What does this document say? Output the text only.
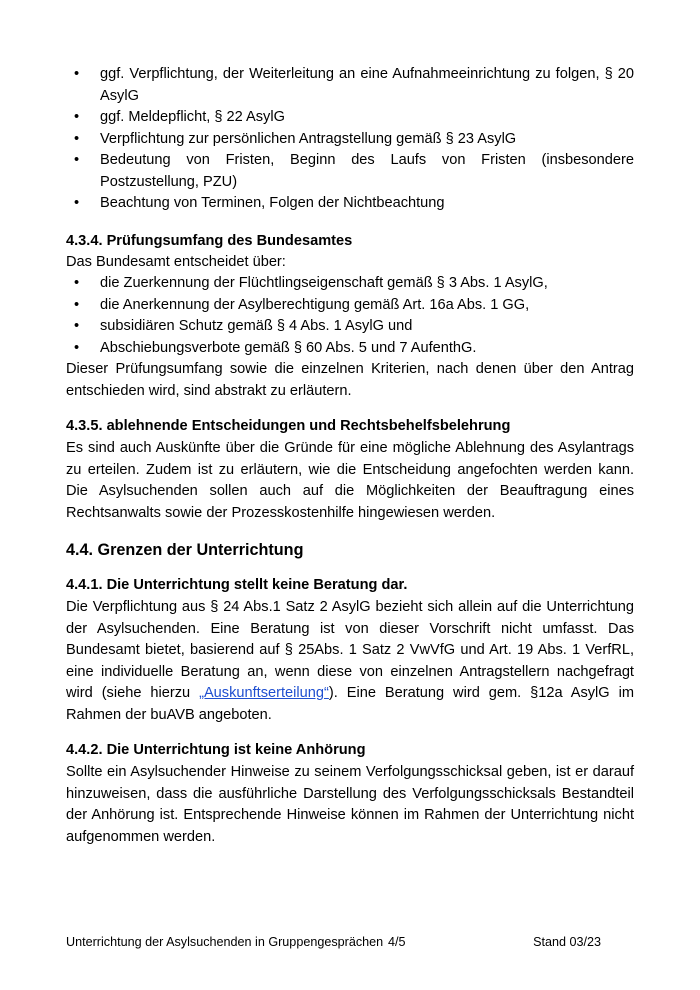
• ggf. Verpflichtung, der Weiterleitung an eine Aufnahmeeinrichtung zu folgen, § 20 AsylG
• ggf. Meldepflicht, § 22 AsylG
• Verpflichtung zur persönlichen Antragstellung gemäß § 23 AsylG
• Bedeutung von Fristen, Beginn des Laufs von Fristen (insbesondere Postzustellung, PZU)
• Beachtung von Terminen, Folgen der Nichtbeachtung
4.3.4. Prüfungsumfang des Bundesamtes

Das Bundesamt entscheidet über:

• die Zuerkennung der Flüchtlingseigenschaft gemäß § 3 Abs. 1 AsylG,
• die Anerkennung der Asylberechtigung gemäß Art. 16a Abs. 1 GG,
• subsidiären Schutz gemäß § 4 Abs. 1 AsylG und
• Abschiebungsverbote gemäß § 60 Abs. 5 und 7 AufenthG.

Dieser Prüfungsumfang sowie die einzelnen Kriterien, nach denen über den Antrag entschieden wird, sind abstrakt zu erläutern.

4.3.5. ablehnende Entscheidungen und Rechtsbehelfsbelehrung

Es sind auch Auskünfte über die Gründe für eine mögliche Ablehnung des Asylantrags zu erteilen. Zudem ist zu erläutern, wie die Entscheidung angefochten werden kann. Die Asylsuchenden sollen auch auf die Möglichkeiten der Beauftragung eines Rechtsanwalts sowie der Prozesskostenhilfe hingewiesen werden.

4.4. Grenzen der Unterrichtung
4.4.1. Die Unterrichtung stellt keine Beratung dar.

Die Verpflichtung aus § 24 Abs.1 Satz 2 AsylG bezieht sich allein auf die Unterrichtung der Asylsuchenden. Eine Beratung ist von dieser Vorschrift nicht umfasst. Das Bundesamt bietet, basierend auf § 25Abs. 1 Satz 2 VwVfG und Art. 19 Abs. 1 VerfRL, eine individuelle Beratung an, wenn diese von einzelnen Antragstellern nachgefragt wird (siehe hierzu „Auskunftserteilung“). Eine Beratung wird gem. §12a AsylG im Rahmen der buAVB angeboten.

4.4.2. Die Unterrichtung ist keine Anhörung

Sollte ein Asylsuchender Hinweise zu seinem Verfolgungsschicksal geben, ist er darauf hinzuweisen, dass die ausführliche Darstellung des Verfolgungsschicksals Bestandteil der Anhörung ist. Entsprechende Hinweise können im Rahmen der Unterrichtung nicht aufgenommen werden.

Unterrichtung der Asylsuchenden in Gruppengesprächen 4/5	Stand 03/23
